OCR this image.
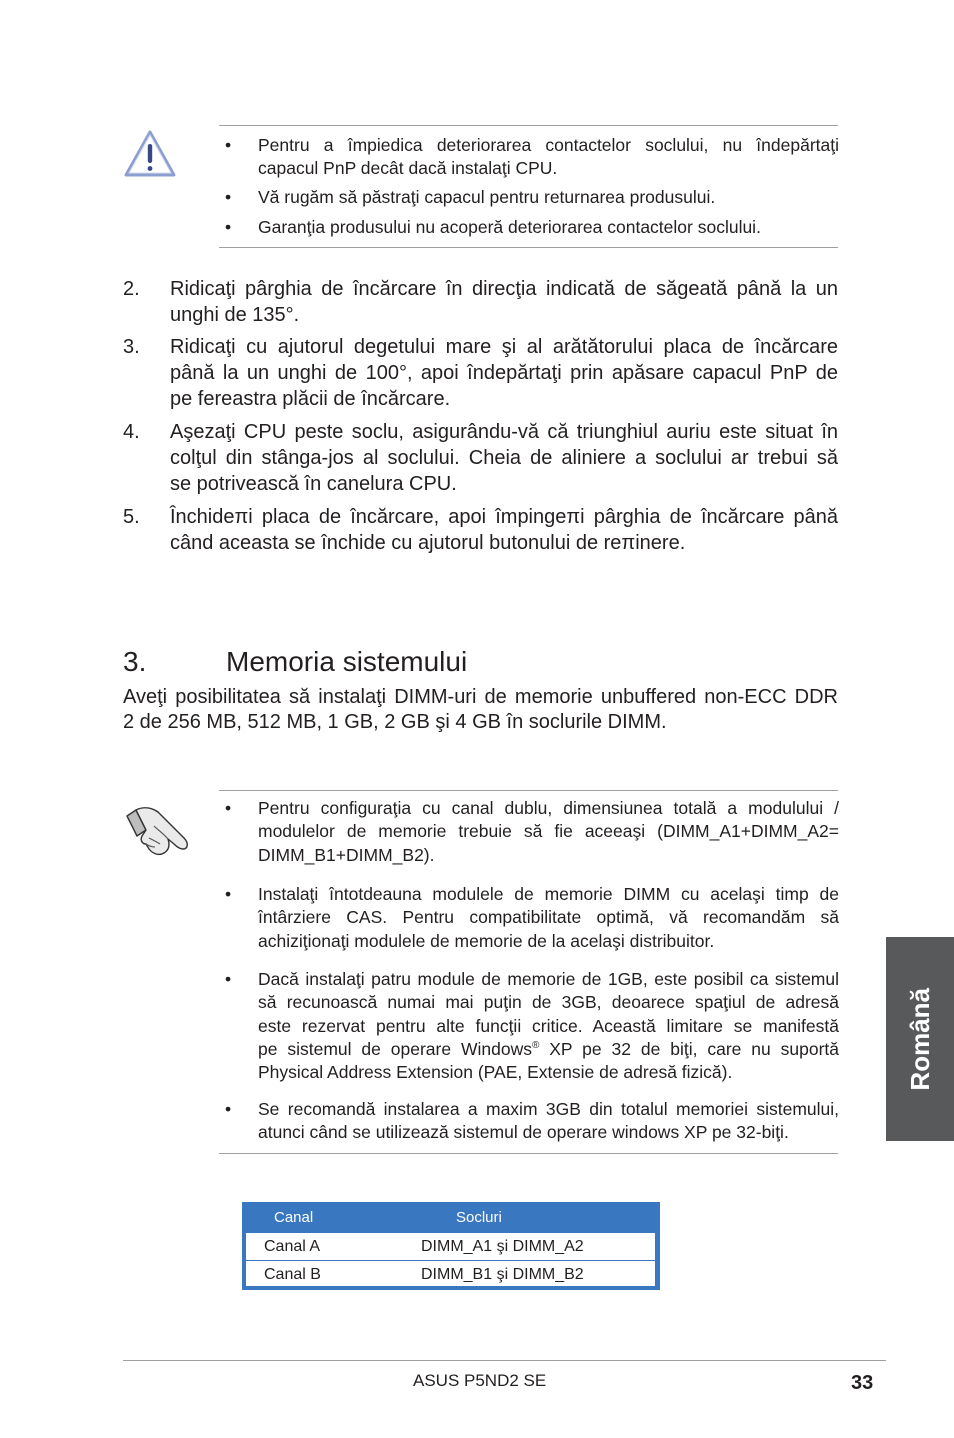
• Pentru a împiedica deteriorarea contactelor soclului, nu îndepărtaţi
capacul PnP decât dacă instalaţi CPU.
• Vă rugăm să păstraţi capacul pentru returnarea produsului.
• Garanţia produsului nu acoperă deteriorarea contactelor soclului.
2. Ridicaţi pârghia de încărcare în direcţia indicată de săgeată până la un
unghi de 135°.
3. Ridicaţi cu ajutorul degetului mare şi al arătătorului placa de încărcare
până la un unghi de 100°, apoi îndepărtaţi prin apăsare capacul PnP de
pe fereastra plăcii de încărcare.
4. Aşezaţi CPU peste soclu, asigurându-vă că triunghiul auriu este situat în
colţul din stânga-jos al soclului. Cheia de aliniere a soclului ar trebui să
se potrivească în canelura CPU.
5. Închideπi placa de încărcare, apoi împingeπi pârghia de încărcare până
când aceasta se închide cu ajutorul butonului de reπinere.
3.	Memoria sistemului
Aveţi posibilitatea să instalaţi DIMM-uri de memorie unbuffered non-ECC DDR
2 de 256 MB, 512 MB, 1 GB, 2 GB şi 4 GB în soclurile DIMM.
• Pentru configuraţia cu canal dublu, dimensiunea totală a modulului /
modulelor de memorie trebuie să fie aceeaşi (DIMM_A1+DIMM_A2=
DIMM_B1+DIMM_B2).
• Instalaţi întotdeauna modulele de memorie DIMM cu acelaşi timp de
întârziere CAS. Pentru compatibilitate optimă, vă recomandăm să
achiziţionaţi modulele de memorie de la acelaşi distribuitor.
• Dacă instalaţi patru module de memorie de 1GB, este posibil ca sistemul
să recunoască numai mai puţin de 3GB, deoarece spaţiul de adresă
este rezervat pentru alte funcţii critice. Această limitare se manifestă
pe sistemul de operare Windows® XP pe 32 de biţi, care nu suportă
Physical Address Extension (PAE, Extensie de adresă fizică).
• Se recomandă instalarea a maxim 3GB din totalul memoriei sistemului,
atunci când se utilizează sistemul de operare windows XP pe 32-biţi.
Canal	Socluri
Canal A	DIMM_A1 şi DIMM_A2
Canal B	DIMM_B1 şi DIMM_B2
Română
ASUS P5ND2 SE	33
